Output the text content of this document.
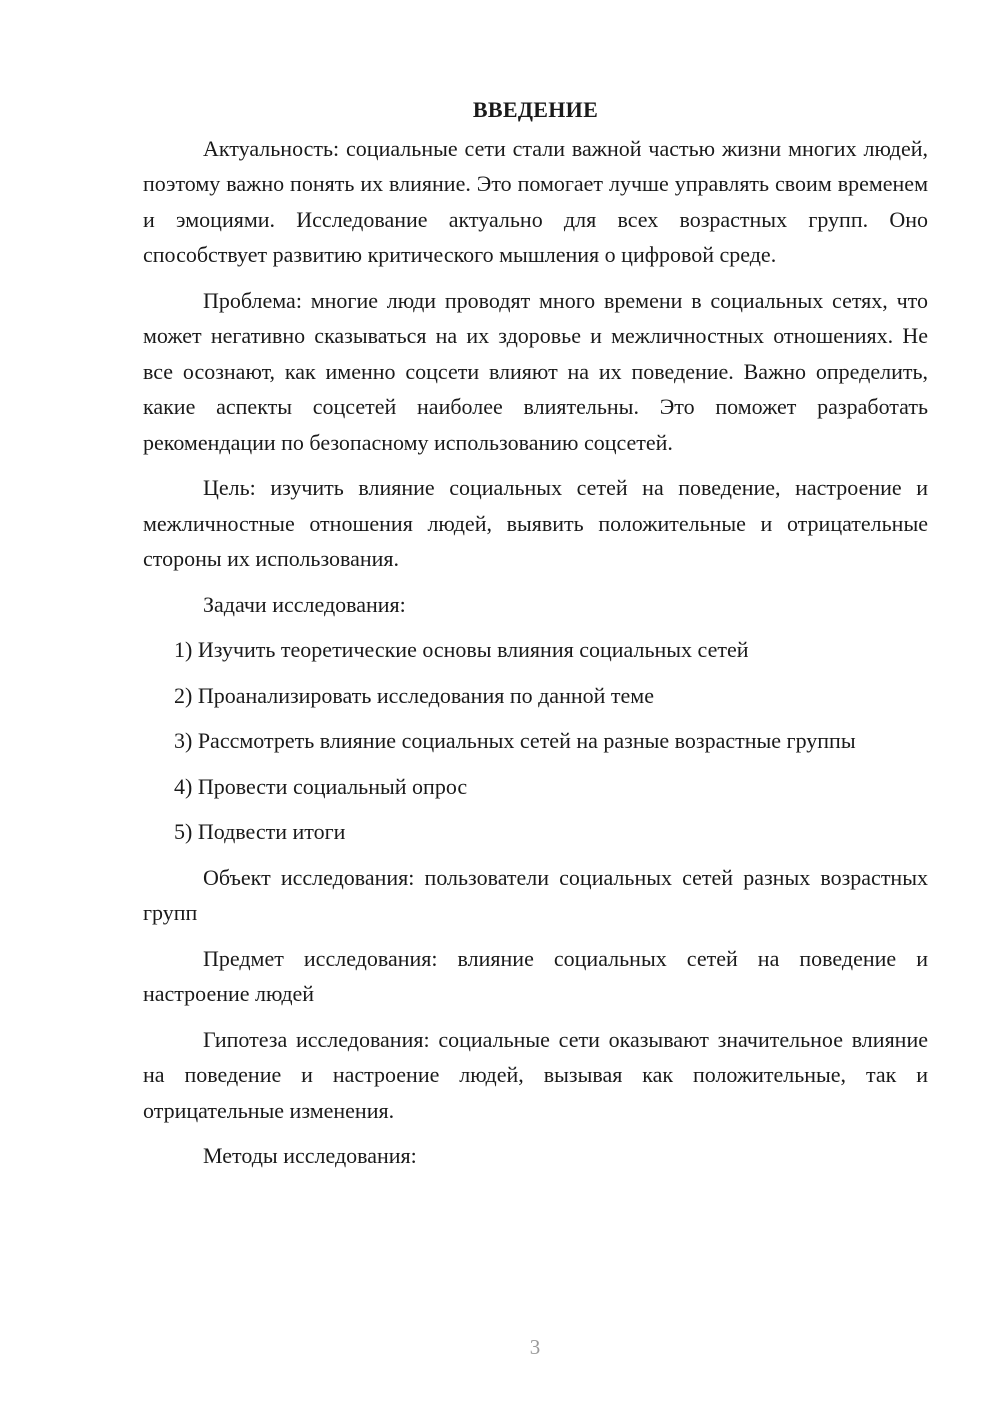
ВВЕДЕНИЕ

Актуальность: социальные сети стали важной частью жизни многих людей, поэтому важно понять их влияние. Это помогает лучше управлять своим временем и эмоциями. Исследование актуально для всех возрастных групп. Оно способствует развитию критического мышления о цифровой среде.

Проблема: многие люди проводят много времени в социальных сетях, что может негативно сказываться на их здоровье и межличностных отношениях. Не все осознают, как именно соцсети влияют на их поведение. Важно определить, какие аспекты соцсетей наиболее влиятельны. Это поможет разработать рекомендации по безопасному использованию соцсетей.

Цель: изучить влияние социальных сетей на поведение, настроение и межличностные отношения людей, выявить положительные и отрицательные стороны их использования.

Задачи исследования:

1) Изучить теоретические основы влияния социальных сетей

2) Проанализировать исследования по данной теме

3) Рассмотреть влияние социальных сетей на разные возрастные группы

4) Провести социальный опрос

5) Подвести итоги

Объект исследования: пользователи социальных сетей разных возрастных групп

Предмет исследования: влияние социальных сетей на поведение и настроение людей

Гипотеза исследования: социальные сети оказывают значительное влияние на поведение и настроение людей, вызывая как положительные, так и отрицательные изменения.

Методы исследования:

3
